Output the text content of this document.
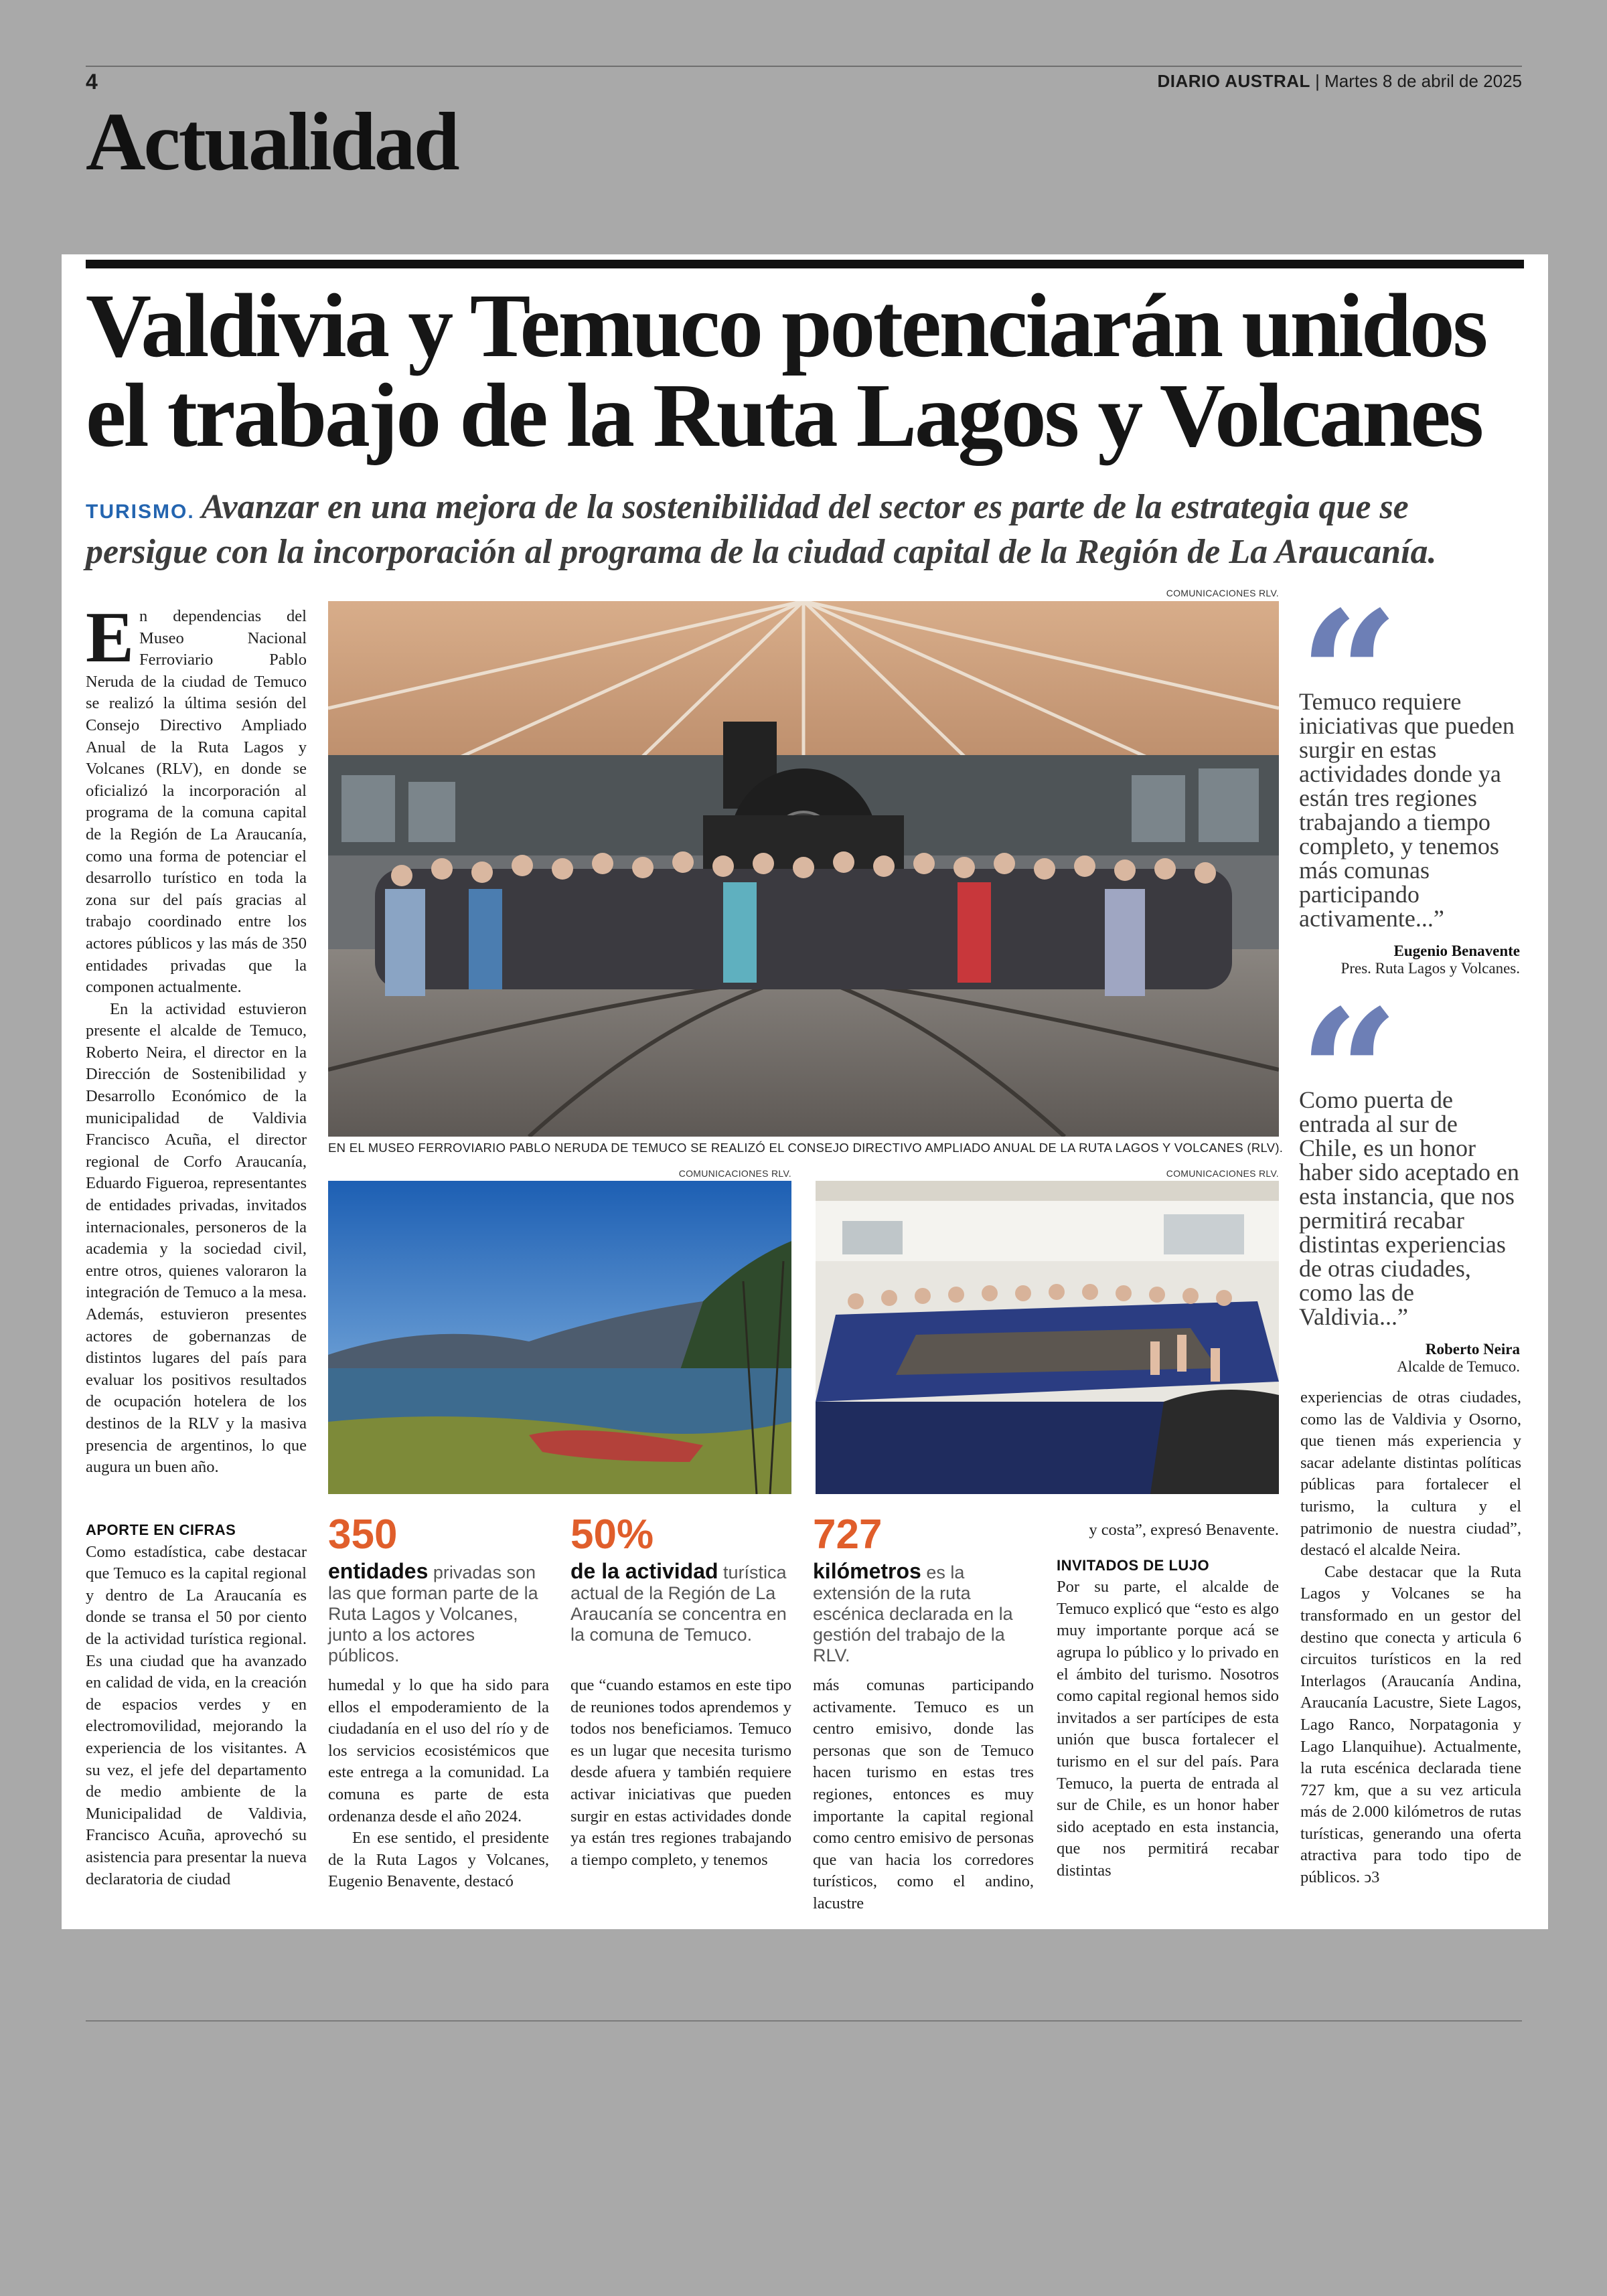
4	DIARIO AUSTRAL | Martes 8 de abril de 2025
Actualidad
Valdivia y Temuco potenciarán unidos
el trabajo de la Ruta Lagos y Volcanes
TURISMO. Avanzar en una mejora de la sostenibilidad del sector es parte de la estrategia que se persigue con la incorporación al programa de la ciudad capital de la Región de La Araucanía.

En dependencias del Museo Nacional Ferroviario Pablo Neruda de la ciudad de Temuco se realizó la última sesión del Consejo Directivo Ampliado Anual de la Ruta Lagos y Volcanes (RLV), en donde se oficializó la incorporación al programa de la comuna capital de la Región de La Araucanía, como una forma de potenciar el desarrollo turístico en toda la zona sur del país gracias al trabajo coordinado entre los actores públicos y las más de 350 entidades privadas que la componen actualmente.

En la actividad estuvieron presente el alcalde de Temuco, Roberto Neira, el director en la Dirección de Sostenibilidad y Desarrollo Económico de la municipalidad de Valdivia Francisco Acuña, el director regional de Corfo Araucanía, Eduardo Figueroa, representantes de entidades privadas, invitados internacionales, personeros de la academia y la sociedad civil, entre otros, quienes valoraron la integración de Temuco a la mesa. Además, estuvieron presentes actores de gobernanzas de distintos lugares del país para evaluar los positivos resultados de ocupación hotelera de los destinos de la RLV y la masiva presencia de argentinos, lo que augura un buen año.

APORTE EN CIFRAS

Como estadística, cabe destacar que Temuco es la capital regional y dentro de La Araucanía es donde se transa el 50 por ciento de la actividad turística regional. Es una ciudad que ha avanzado en calidad de vida, en la creación de espacios verdes y en electromovilidad, mejorando la experiencia de los visitantes. A su vez, el jefe del departamento de medio ambiente de la Municipalidad de Valdivia, Francisco Acuña, aprovechó su asistencia para presentar la nueva declaratoria de ciudad

COMUNICACIONES RLV.
EN EL MUSEO FERROVIARIO PABLO NERUDA DE TEMUCO SE REALIZÓ EL CONSEJO DIRECTIVO AMPLIADO ANUAL DE LA RUTA LAGOS Y VOLCANES (RLV).
COMUNICACIONES RLV.	COMUNICACIONES RLV.
350
entidades privadas son las que forman parte de la Ruta Lagos y Volcanes, junto a los actores públicos.
50%
de la actividad turística actual de la Región de La Araucanía se concentra en la comuna de Temuco.
727
kilómetros es la extensión de la ruta escénica declarada en la gestión del trabajo de la RLV.

humedal y lo que ha sido para ellos el empoderamiento de la ciudadanía en el uso del río y de los servicios ecosistémicos que este entrega a la comunidad. La comuna es parte de esta ordenanza desde el año 2024.

En ese sentido, el presidente de la Ruta Lagos y Volcanes, Eugenio Benavente, destacó

que “cuando estamos en este tipo de reuniones todos aprendemos y todos nos beneficiamos. Temuco es un lugar que necesita turismo desde afuera y también requiere activar iniciativas que pueden surgir en estas actividades donde ya están tres regiones trabajando a tiempo completo, y tenemos

más comunas participando activamente. Temuco es un centro emisivo, donde las personas que son de Temuco hacen turismo en estas tres regiones, entonces es muy importante la capital regional como centro emisivo de personas que van hacia los corredores turísticos, como el andino, lacustre

y costa”, expresó Benavente.

INVITADOS DE LUJO

Por su parte, el alcalde de Temuco explicó que “esto es algo muy importante porque acá se agrupa lo público y lo privado en el ámbito del turismo. Nosotros como capital regional hemos sido invitados a ser partícipes de esta unión que busca fortalecer el turismo en el sur del país. Para Temuco, la puerta de entrada al sur de Chile, es un honor haber sido aceptado en esta instancia, que nos permitirá recabar distintas

Temuco requiere iniciativas que pueden surgir en estas actividades donde ya están tres regiones trabajando a tiempo completo, y tenemos más comunas participando activamente...”
Eugenio Benavente
Pres. Ruta Lagos y Volcanes.
Como puerta de entrada al sur de Chile, es un honor haber sido aceptado en esta instancia, que nos permitirá recabar distintas experiencias de otras ciudades, como las de Valdivia...”
Roberto Neira
Alcalde de Temuco.

experiencias de otras ciudades, como las de Valdivia y Osorno, que tienen más experiencia y sacar adelante distintas políticas públicas para fortalecer el turismo, la cultura y el patrimonio de nuestra ciudad”, destacó el alcalde Neira.

Cabe destacar que la Ruta Lagos y Volcanes se ha transformado en un gestor del destino que conecta y articula 6 circuitos turísticos en la red Interlagos (Araucanía Andina, Araucanía Lacustre, Siete Lagos, Lago Ranco, Norpatagonia y Lago Llanquihue). Actualmente, la ruta escénica declarada tiene 727 km, que a su vez articula más de 2.000 kilómetros de rutas turísticas, generando una oferta atractiva para todo tipo de públicos. ↄ3
